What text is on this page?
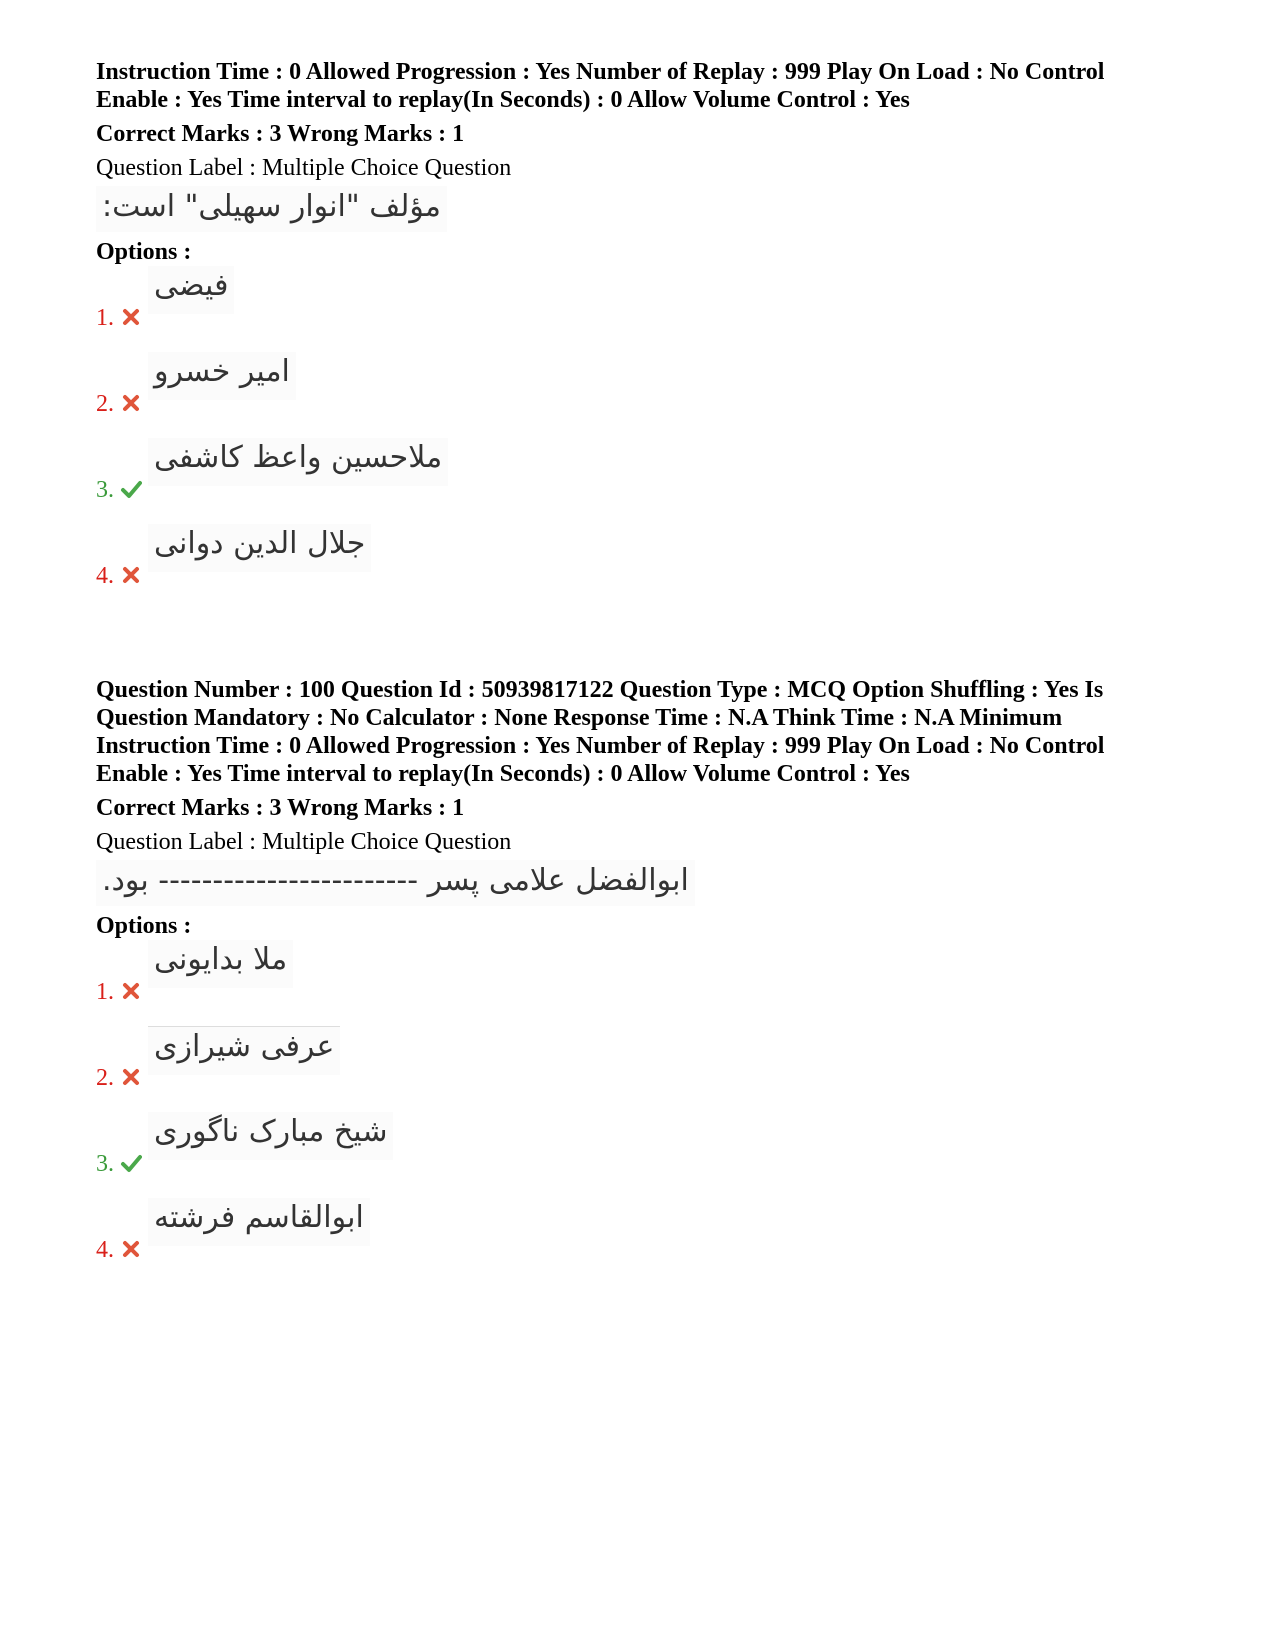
Instruction Time : 0 Allowed Progression : Yes Number of Replay : 999 Play On Load : No Control
Enable : Yes Time interval to replay(In Seconds) : 0 Allow Volume Control : Yes
Correct Marks : 3 Wrong Marks : 1
Question Label : Multiple Choice Question
مؤلف "انوار سهیلی" است:
Options :
1.
فیضی
2.
امیر خسرو
3.
ملاحسین واعظ کاشفی
4.
جلال الدین دوانی
Question Number : 100 Question Id : 50939817122 Question Type : MCQ Option Shuffling : Yes Is
Question Mandatory : No Calculator : None Response Time : N.A Think Time : N.A Minimum
Instruction Time : 0 Allowed Progression : Yes Number of Replay : 999 Play On Load : No Control
Enable : Yes Time interval to replay(In Seconds) : 0 Allow Volume Control : Yes
Correct Marks : 3 Wrong Marks : 1
Question Label : Multiple Choice Question
ابوالفضل علامی پسر ------------------------ بود.
Options :
1.
ملا بدایونی
2.
عرفی شیرازی
3.
شیخ مبارک ناگوری
4.
ابوالقاسم فرشته
